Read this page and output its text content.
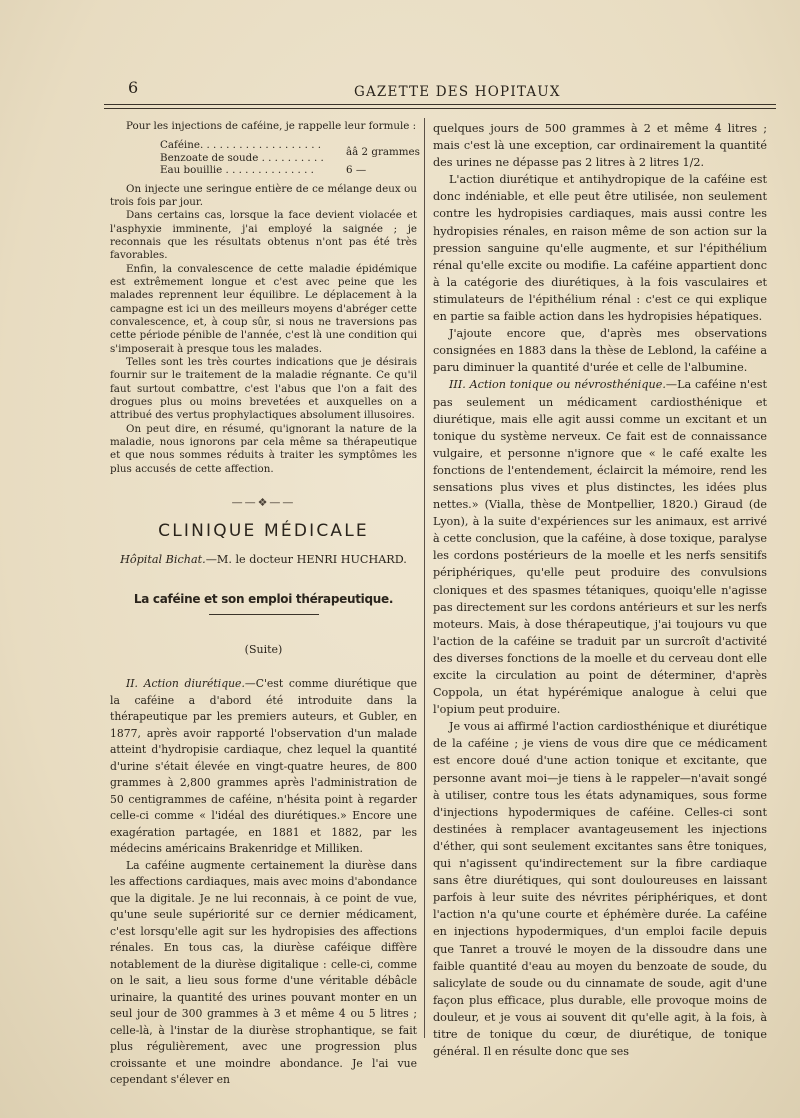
6	GAZETTE DES HOPITAUX

Pour les injections de caféine, je rappelle leur formule :

Caféine. . . . . . . . . . . . . . . . . . .
ââ 2 grammes
Benzoate de soude . . . . . . . . . .
Eau bouillie . . . . . . . . . . . . . .	6 —

On injecte une seringue entière de ce mélange deux ou trois fois par jour.

Dans certains cas, lorsque la face devient violacée et l'asphyxie imminente, j'ai employé la saignée ; je reconnais que les résultats obtenus n'ont pas été très favorables.

Enfin, la convalescence de cette maladie épidémique est extrêmement longue et c'est avec peine que les malades reprennent leur équilibre. Le déplacement à la campagne est ici un des meilleurs moyens d'abréger cette convalescence, et, à coup sûr, si nous ne traversions pas cette période pénible de l'année, c'est là une condition qui s'imposerait à presque tous les malades.

Telles sont les très courtes indications que je désirais fournir sur le traitement de la maladie régnante. Ce qu'il faut surtout combattre, c'est l'abus que l'on a fait des drogues plus ou moins brevetées et auxquelles on a attribué des vertus prophylactiques absolument illusoires.

On peut dire, en résumé, qu'ignorant la nature de la maladie, nous ignorons par cela même sa thérapeutique et que nous sommes réduits à traiter les symptômes les plus accusés de cette affection.

——❖——
CLINIQUE MÉDICALE
Hôpital Bichat.—M. le docteur HENRI HUCHARD.
La caféine et son emploi thérapeutique.
(Suite)

II. Action diurétique.—C'est comme diurétique que la caféine a d'abord été introduite dans la thérapeutique par les premiers auteurs, et Gubler, en 1877, après avoir rapporté l'observation d'un malade atteint d'hydropisie cardiaque, chez lequel la quantité d'urine s'était élevée en vingt-quatre heures, de 800 grammes à 2,800 grammes après l'administration de 50 centigrammes de caféine, n'hésita point à regarder celle-ci comme « l'idéal des diurétiques.» Encore une exagération partagée, en 1881 et 1882, par les médecins américains Brakenridge et Milliken.

La caféine augmente certainement la diurèse dans les affections cardiaques, mais avec moins d'abondance que la digitale. Je ne lui reconnais, à ce point de vue, qu'une seule supériorité sur ce dernier médicament, c'est lorsqu'elle agit sur les hydropisies des affections rénales. En tous cas, la diurèse caféique diffère notablement de la diurèse digitalique : celle-ci, comme on le sait, a lieu sous forme d'une véritable débâcle urinaire, la quantité des urines pouvant monter en un seul jour de 300 grammes à 3 et même 4 ou 5 litres ; celle-là, à l'instar de la diurèse strophantique, se fait plus régulièrement, avec une progression plus croissante et une moindre abondance. Je l'ai vue cependant s'élever en

quelques jours de 500 grammes à 2 et même 4 litres ; mais c'est là une exception, car ordinairement la quantité des urines ne dépasse pas 2 litres à 2 litres 1/2.

L'action diurétique et antihydropique de la caféine est donc indéniable, et elle peut être utilisée, non seulement contre les hydropisies cardiaques, mais aussi contre les hydropisies rénales, en raison même de son action sur la pression sanguine qu'elle augmente, et sur l'épithélium rénal qu'elle excite ou modifie. La caféine appartient donc à la catégorie des diurétiques, à la fois vasculaires et stimulateurs de l'épithélium rénal : c'est ce qui explique en partie sa faible action dans les hydropisies hépatiques.

J'ajoute encore que, d'après mes observations consignées en 1883 dans la thèse de Leblond, la caféine a paru diminuer la quantité d'urée et celle de l'albumine.

III. Action tonique ou névrosthénique.—La caféine n'est pas seulement un médicament cardiosthénique et diurétique, mais elle agit aussi comme un excitant et un tonique du système nerveux. Ce fait est de connaissance vulgaire, et personne n'ignore que « le café exalte les fonctions de l'entendement, éclaircit la mémoire, rend les sensations plus vives et plus distinctes, les idées plus nettes.» (Vialla, thèse de Montpellier, 1820.) Giraud (de Lyon), à la suite d'expériences sur les animaux, est arrivé à cette conclusion, que la caféine, à dose toxique, paralyse les cordons postérieurs de la moelle et les nerfs sensitifs périphériques, qu'elle peut produire des convulsions cloniques et des spasmes tétaniques, quoiqu'elle n'agisse pas directement sur les cordons antérieurs et sur les nerfs moteurs. Mais, à dose thérapeutique, j'ai toujours vu que l'action de la caféine se traduit par un surcroît d'activité des diverses fonctions de la moelle et du cerveau dont elle excite la circulation au point de déterminer, d'après Coppola, un état hypérémique analogue à celui que l'opium peut produire.

Je vous ai affirmé l'action cardiosthénique et diurétique de la caféine ; je viens de vous dire que ce médicament est encore doué d'une action tonique et excitante, que personne avant moi—je tiens à le rappeler—n'avait songé à utiliser, contre tous les états adynamiques, sous forme d'injections hypodermiques de caféine. Celles-ci sont destinées à remplacer avantageusement les injections d'éther, qui sont seulement excitantes sans être toniques, qui n'agissent qu'indirectement sur la fibre cardiaque sans être diurétiques, qui sont douloureuses en laissant parfois à leur suite des névrites périphériques, et dont l'action n'a qu'une courte et éphémère durée. La caféine en injections hypodermiques, d'un emploi facile depuis que Tanret a trouvé le moyen de la dissoudre dans une faible quantité d'eau au moyen du benzoate de soude, du salicylate de soude ou du cinnamate de soude, agit d'une façon plus efficace, plus durable, elle provoque moins de douleur, et je vous ai souvent dit qu'elle agit, à la fois, à titre de tonique du cœur, de diurétique, de tonique général. Il en résulte donc que ses
